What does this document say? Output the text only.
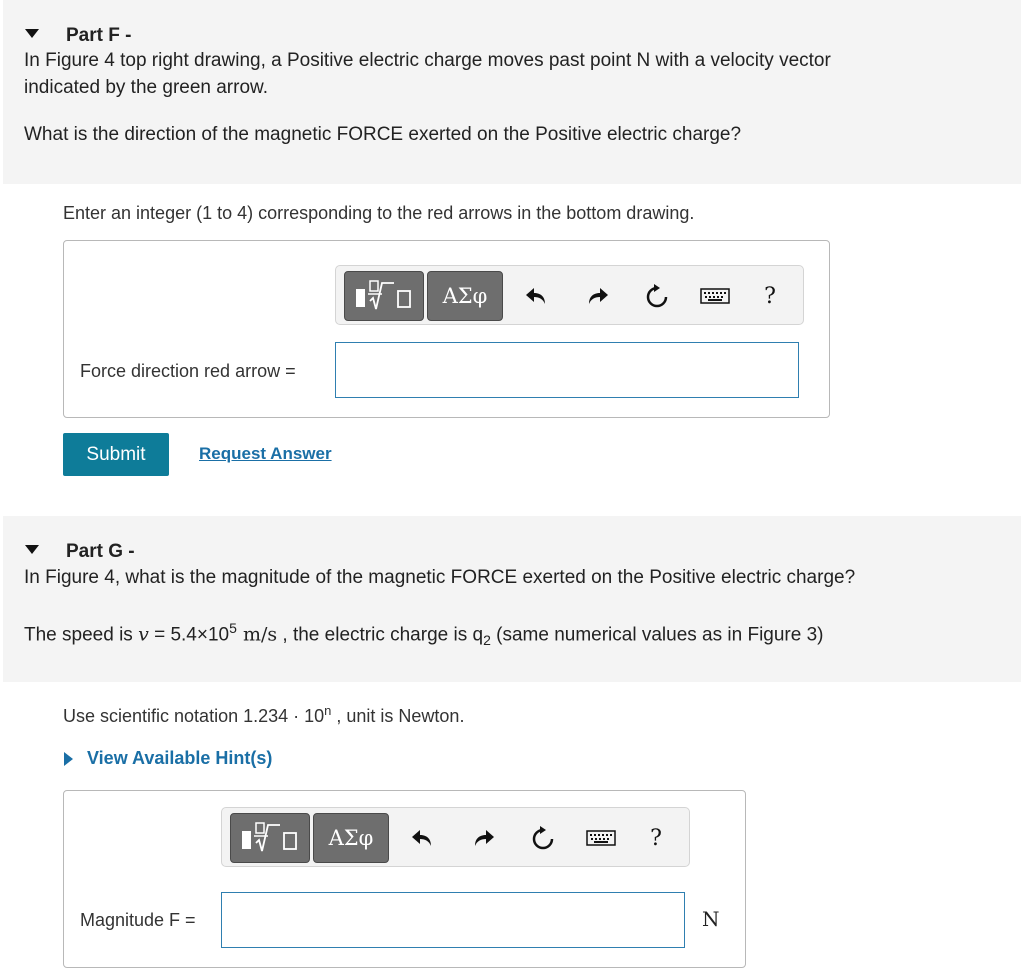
Part F -
In Figure 4 top right drawing, a Positive electric charge moves past point N with a velocity vector
indicated by the green arrow.
What is the direction of the magnetic FORCE exerted on the Positive electric charge?
Enter an integer (1 to 4) corresponding to the red arrows in the bottom drawing.
ΑΣφ	?
Force direction red arrow =
Submit	Request Answer
Part G -
In Figure 4, what is the magnitude of the magnetic FORCE exerted on the Positive electric charge?
The speed is $v = 5.4\times 10^5$ m/s , the electric charge is $q_2$ (same numerical values as in Figure 3)
Use scientific notation $1.234 \cdot 10^n$ , unit is Newton.
View Available Hint(s)
ΑΣφ	?
Magnitude F =	N
